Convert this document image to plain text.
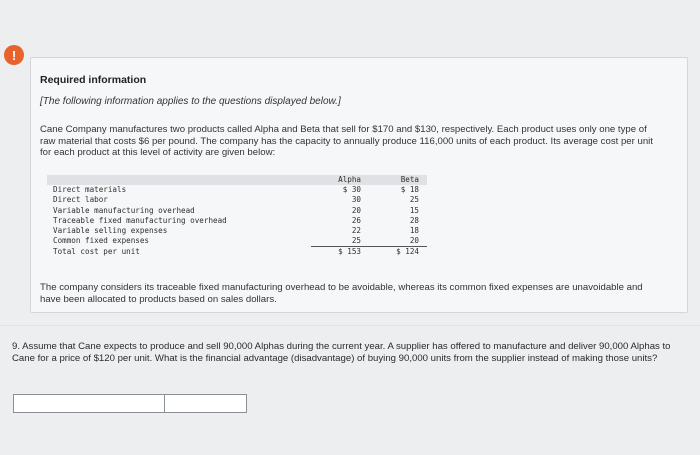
!
Required information
[The following information applies to the questions displayed below.]
Cane Company manufactures two products called Alpha and Beta that sell for $170 and $130, respectively. Each product uses only one type of raw material that costs $6 per pound. The company has the capacity to annually produce 116,000 units of each product. Its average cost per unit for each product at this level of activity are given below:
	Alpha	Beta
Direct materials	$ 30	$ 18
Direct labor	30	25
Variable manufacturing overhead	20	15
Traceable fixed manufacturing overhead	26	28
Variable selling expenses	22	18
Common fixed expenses	25	20
Total cost per unit	$ 153	$ 124
The company considers its traceable fixed manufacturing overhead to be avoidable, whereas its common fixed expenses are unavoidable and have been allocated to products based on sales dollars.
9. Assume that Cane expects to produce and sell 90,000 Alphas during the current year. A supplier has offered to manufacture and deliver 90,000 Alphas to Cane for a price of $120 per unit. What is the financial advantage (disadvantage) of buying 90,000 units from the supplier instead of making those units?
